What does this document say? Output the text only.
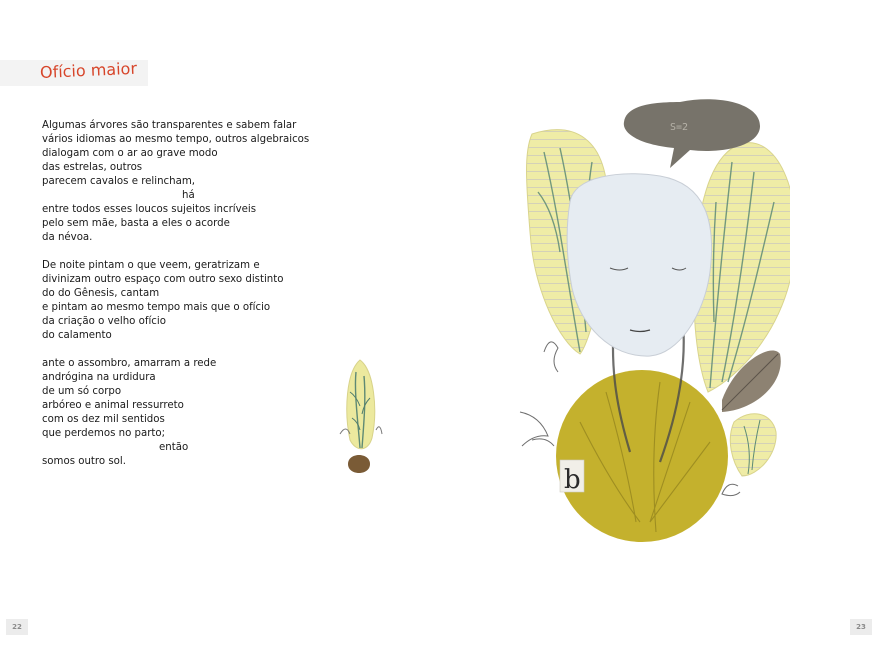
Ofício maior
Algumas árvores são transparentes e sabem falar
vários idiomas ao mesmo tempo, outros algebraicos
dialogam com o ar ao grave modo
das estrelas, outros
parecem cavalos e relincham,
há
entre todos esses loucos sujeitos incríveis
pelo sem mãe, basta a eles o acorde
da névoa.
De noite pintam o que veem, geratrizam e
divinizam outro espaço com outro sexo distinto
do do Gênesis, cantam
e pintam ao mesmo tempo mais que o ofício
da criação o velho ofício
do calamento
ante o assombro, amarram a rede
andrógina na urdidura
de um só corpo
arbóreo e animal ressurreto
com os dez mil sentidos
que perdemos no parto;
então
somos outro sol.
S=2
b
22	23
